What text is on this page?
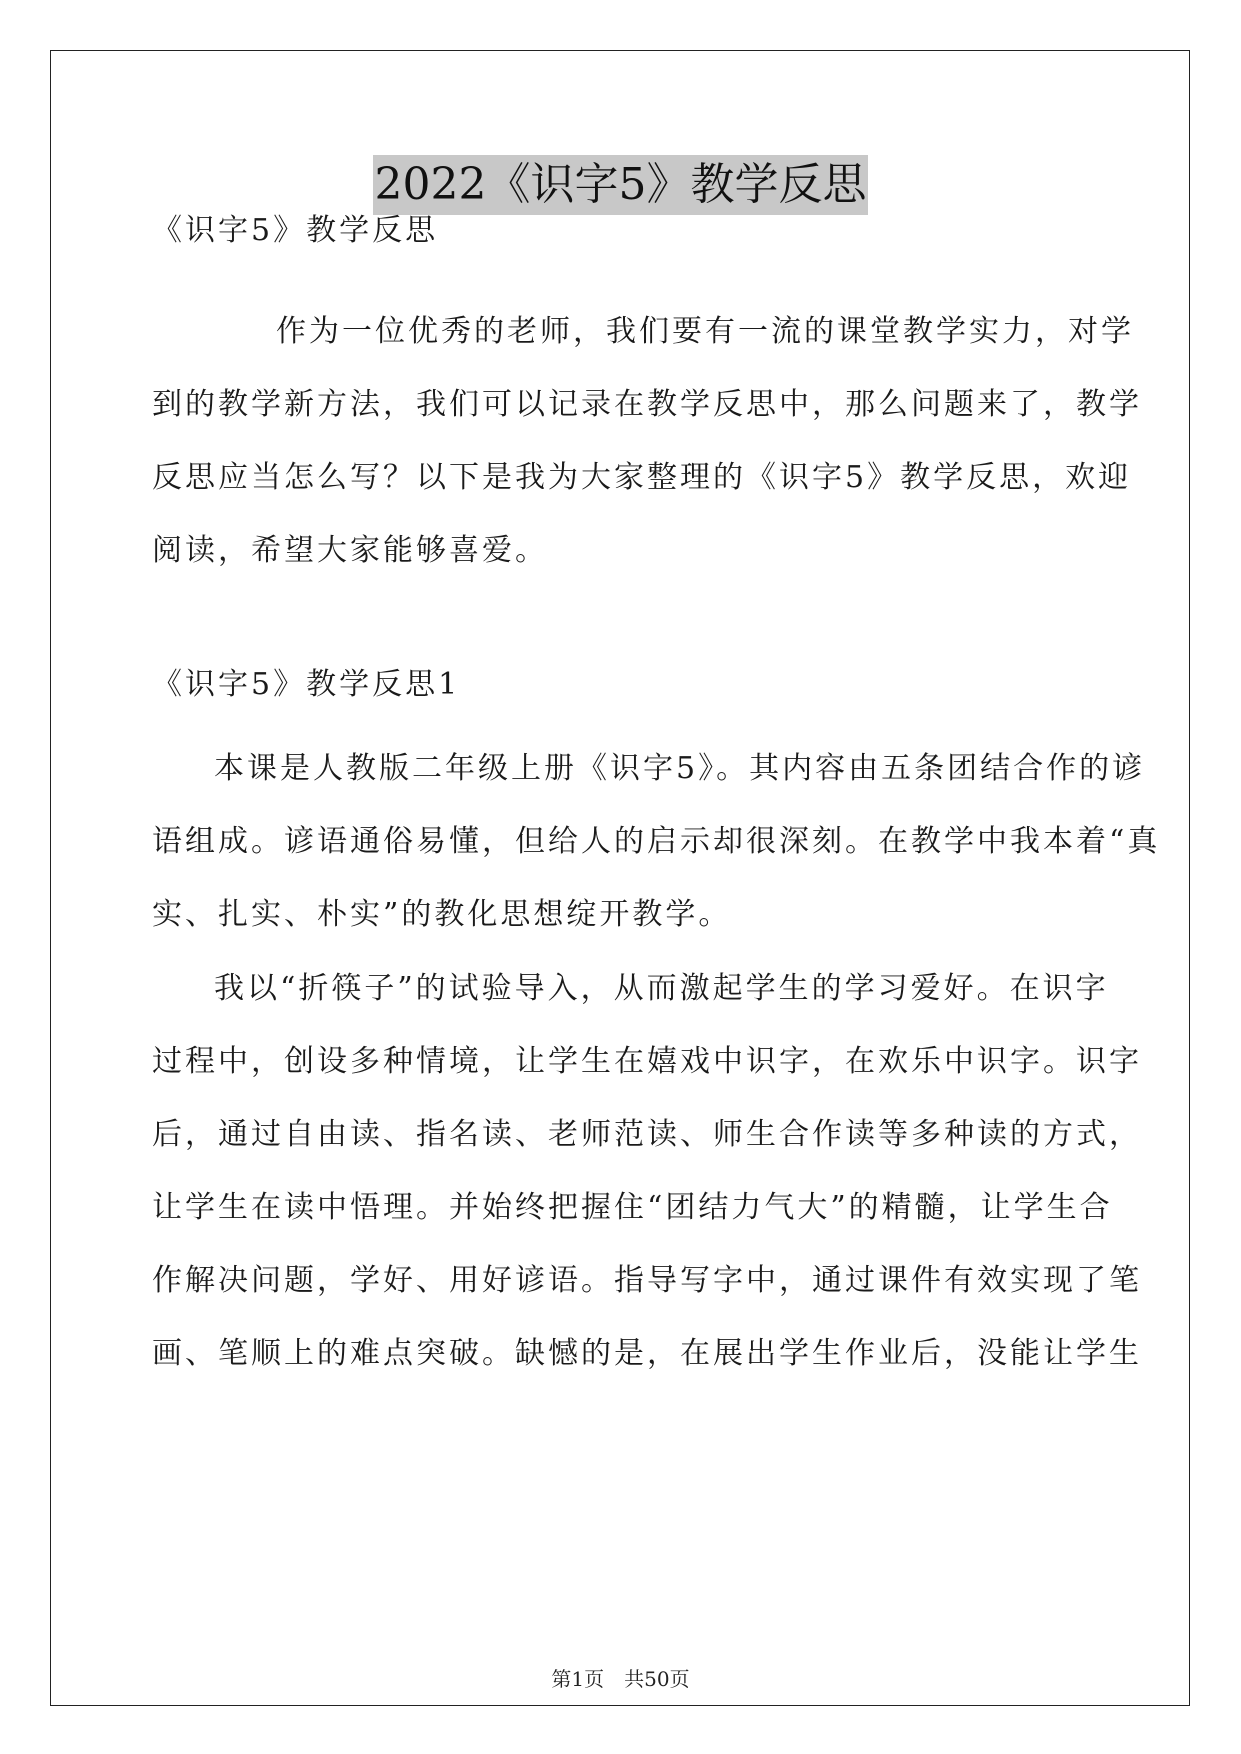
2022《识字5》教学反思
《识字5》教学反思
作为一位优秀的老师，我们要有一流的课堂教学实力，对学
到的教学新方法，我们可以记录在教学反思中，那么问题来了，教学
反思应当怎么写？以下是我为大家整理的《识字5》教学反思，欢迎
阅读，希望大家能够喜爱。
《识字5》教学反思1
本课是人教版二年级上册《识字5》。其内容由五条团结合作的谚
语组成。谚语通俗易懂，但给人的启示却很深刻。在教学中我本着“真
实、扎实、朴实”的教化思想绽开教学。
我以“折筷子”的试验导入，从而激起学生的学习爱好。在识字
过程中，创设多种情境，让学生在嬉戏中识字，在欢乐中识字。识字
后，通过自由读、指名读、老师范读、师生合作读等多种读的方式，
让学生在读中悟理。并始终把握住“团结力气大”的精髓，让学生合
作解决问题，学好、用好谚语。指导写字中，通过课件有效实现了笔
画、笔顺上的难点突破。缺憾的是，在展出学生作业后，没能让学生
第1页　共50页
